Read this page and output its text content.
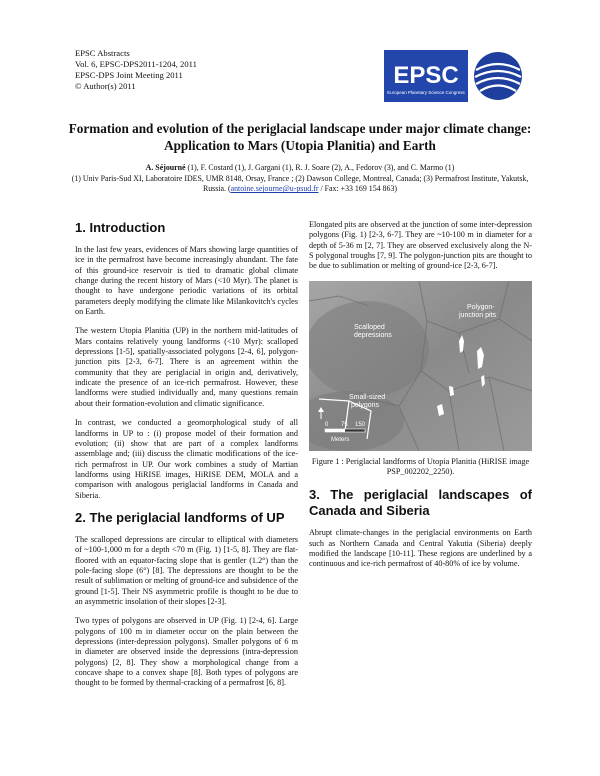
EPSC Abstracts
Vol. 6, EPSC-DPS2011-1204, 2011
EPSC-DPS Joint Meeting 2011
© Author(s) 2011	EPSC
European Planetary Science Congress
Formation and evolution of the periglacial landscape under major climate change: Application to Mars (Utopia Planitia) and Earth
A. Séjourné (1), F. Costard (1), J. Gargani (1), R. J. Soare (2), A., Fedorov (3), and C. Marmo (1)
(1) Univ Paris-Sud XI, Laboratoire IDES, UMR 8148, Orsay, France ; (2) Dawson College, Montreal, Canada; (3) Permafrost Institute, Yakutsk, Russia. (antoine.sejourne@u-psud.fr / Fax: +33 169 154 863)
1. Introduction

In the last few years, evidences of Mars showing large quantities of ice in the permafrost have become increasingly abundant. The fate of this ground-ice reservoir is tied to dramatic global climate change during the recent history of Mars (<10 Myr). The planet is thought to have undergone periodic variations of its orbital parameters deeply modifying the climate like Milankovitch's cycles on Earth.

The western Utopia Planitia (UP) in the northern mid-latitudes of Mars contains relatively young landforms (<10 Myr): scalloped depressions [1-5], spatially-associated polygons [2-4, 6], polygon-junction pits [2-3, 6-7]. There is an agreement within the community that they are periglacial in origin and, derivatively, indicate the presence of an ice-rich permafrost. However, these landforms were studied individually and, many questions remain about their formation-evolution and climatic significance.

In contrast, we conducted a geomorphological study of all landforms in UP to : (i) propose model of their formation and evolution; (ii) show that are part of a complex landforms assemblage and; (iii) discuss the climatic modifications of the ice-rich permafrost in UP. Our work combines a study of Martian landforms using HiRISE images, HiRISE DEM, MOLA and a comparison with analogous periglacial landforms in Canada and Siberia.

2. The periglacial landforms of UP

The scalloped depressions are circular to elliptical with diameters of ~100-1,000 m for a depth <70 m (Fig. 1) [1-5, 8]. They are flat-floored with an equator-facing slope that is gentler (1.2°) than the pole-facing slope (6°) [8]. The depressions are thought to be the result of sublimation or melting of ground-ice and subsidence of the ground [1-5]. Their NS asymmetric profile is thought to be due to an asymmetric insolation of their slopes [2-3].

Two types of polygons are observed in UP (Fig. 1) [2-4, 6]. Large polygons of 100 m in diameter occur on the plain between the depressions (inter-depression polygons). Smaller polygons of 6 m in diameter are observed inside the depressions (intra-depression polygons) [2, 8]. They show a morphological change from a concave shape to a convex shape [8]. Both types of polygons are thought to be formed by thermal-cracking of a permafrost [6, 8].

Elongated pits are observed at the junction of some inter-depression polygons (Fig. 1) [2-3, 6-7]. They are ~10-100 m in diameter for a depth of 5-36 m [2, 7]. They are observed exclusively along the N-S polygonal troughs [7, 9]. The polygon-junction pits are thought to be due to sublimation or melting of ground-ice [2-3, 6-7].

Scalloped
depressions
Polygon-
junction pits
Small-sized
polygons
0 75 150
Meters
Figure 1 : Periglacial landforms of Utopia Planitia (HiRISE image PSP_002202_2250).
3. The periglacial landscapes of Canada and Siberia

Abrupt climate-changes in the periglacial environments on Earth such as Northern Canada and Central Yakutia (Siberia) deeply modified the landscape [10-11]. These regions are underlined by a continuous and ice-rich permafrost of 40-80% of ice by volume.
